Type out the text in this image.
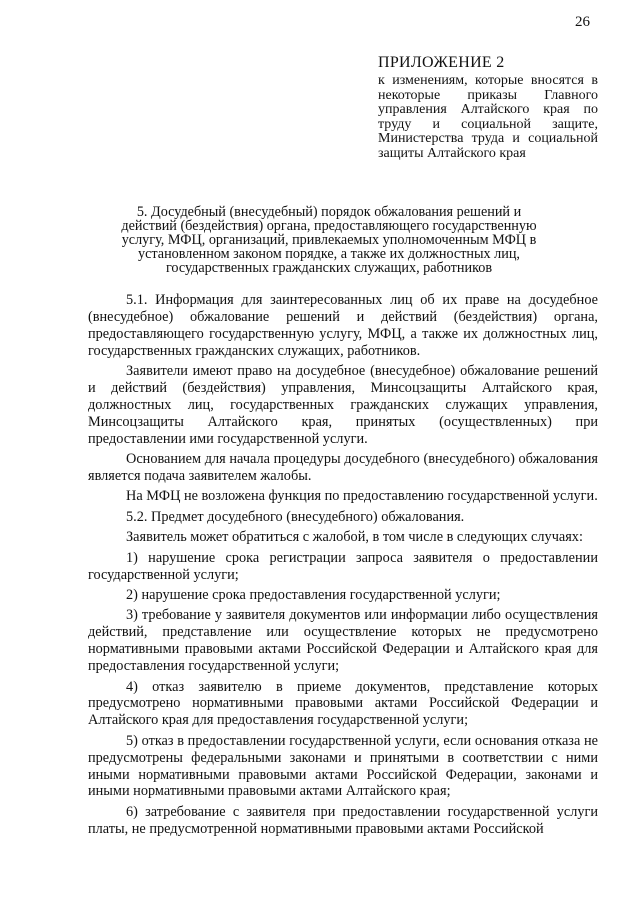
26
ПРИЛОЖЕНИЕ 2
к изменениям, которые вносятся в некоторые приказы Главного управления Алтайского края по труду и социальной защите, Министерства труда и социальной защиты Алтайского края
5. Досудебный (внесудебный) порядок обжалования решений и действий (бездействия) органа, предоставляющего государственную услугу, МФЦ, организаций, привлекаемых уполномоченным МФЦ в установленном законом порядке, а также их должностных лиц, государственных гражданских служащих, работников

5.1. Информация для заинтересованных лиц об их праве на досудебное (внесудебное) обжалование решений и действий (бездействия) органа, предоставляющего государственную услугу, МФЦ, а также их должностных лиц, государственных гражданских служащих, работников.

Заявители имеют право на досудебное (внесудебное) обжалование решений и действий (бездействия) управления, Минсоцзащиты Алтайского края, должностных лиц, государственных гражданских служащих управления, Минсоцзащиты Алтайского края, принятых (осуществленных) при предоставлении ими государственной услуги.

Основанием для начала процедуры досудебного (внесудебного) обжалования является подача заявителем жалобы.

На МФЦ не возложена функция по предоставлению государственной услуги.

5.2. Предмет досудебного (внесудебного) обжалования.

Заявитель может обратиться с жалобой, в том числе в следующих случаях:

1) нарушение срока регистрации запроса заявителя о предоставлении государственной услуги;

2) нарушение срока предоставления государственной услуги;

3) требование у заявителя документов или информации либо осуществления действий, представление или осуществление которых не предусмотрено нормативными правовыми актами Российской Федерации и Алтайского края для предоставления государственной услуги;

4) отказ заявителю в приеме документов, представление которых предусмотрено нормативными правовыми актами Российской Федерации и Алтайского края для предоставления государственной услуги;

5) отказ в предоставлении государственной услуги, если основания отказа не предусмотрены федеральными законами и принятыми в соответствии с ними иными нормативными правовыми актами Российской Федерации, законами и иными нормативными правовыми актами Алтайского края;

6) затребование с заявителя при предоставлении государственной услуги платы, не предусмотренной нормативными правовыми актами Российской
